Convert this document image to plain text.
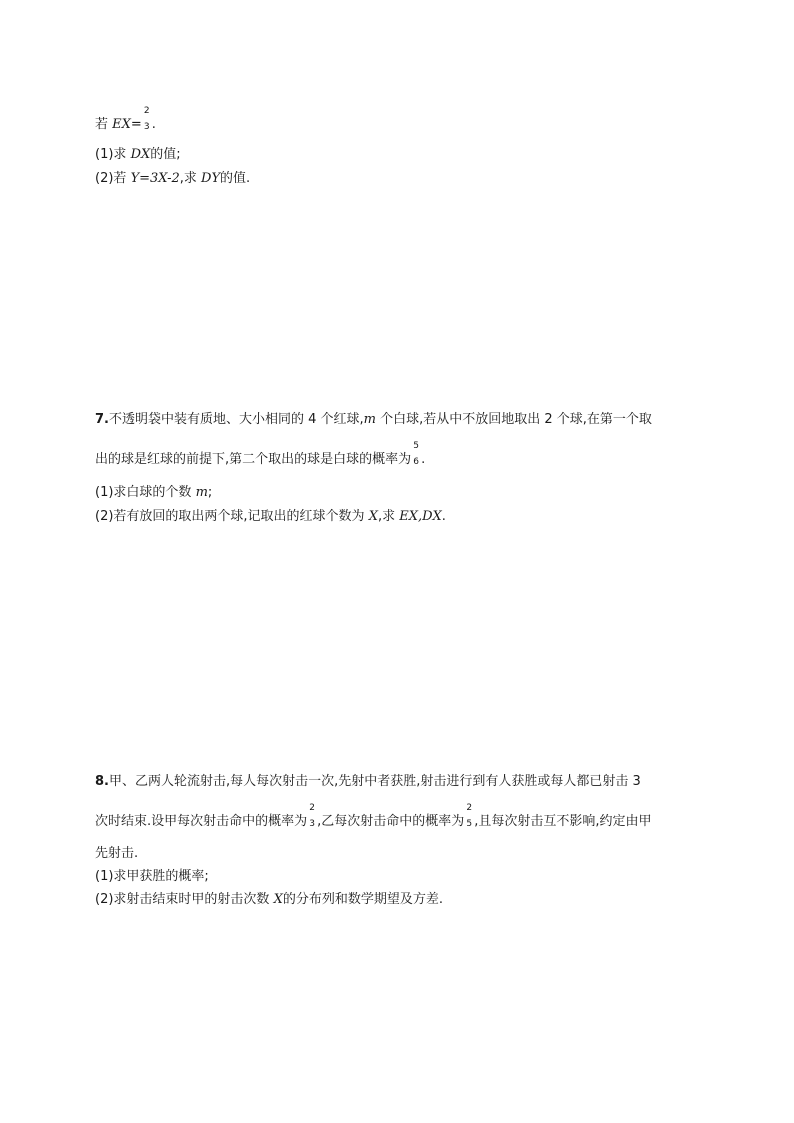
若 EX=
2
3 .
(1)求 DX的值;
(2)若 Y=3X-2,求 DY的值.
7.不透明袋中装有质地、大小相同的 4 个红球,m 个白球,若从中不放回地取出 2 个球,在第一个取
出的球是红球的前提下,第二个取出的球是白球的概率为
5
6 .
(1)求白球的个数 m;
(2)若有放回的取出两个球,记取出的红球个数为 X,求 EX,DX.
8.甲、乙两人轮流射击,每人每次射击一次,先射中者获胜,射击进行到有人获胜或每人都已射击 3
次时结束.设甲每次射击命中的概率为
2
3 ,乙每次射击命中的概率为
2
5 ,且每次射击互不影响,约定由甲
先射击.
(1)求甲获胜的概率;
(2)求射击结束时甲的射击次数 X的分布列和数学期望及方差.
